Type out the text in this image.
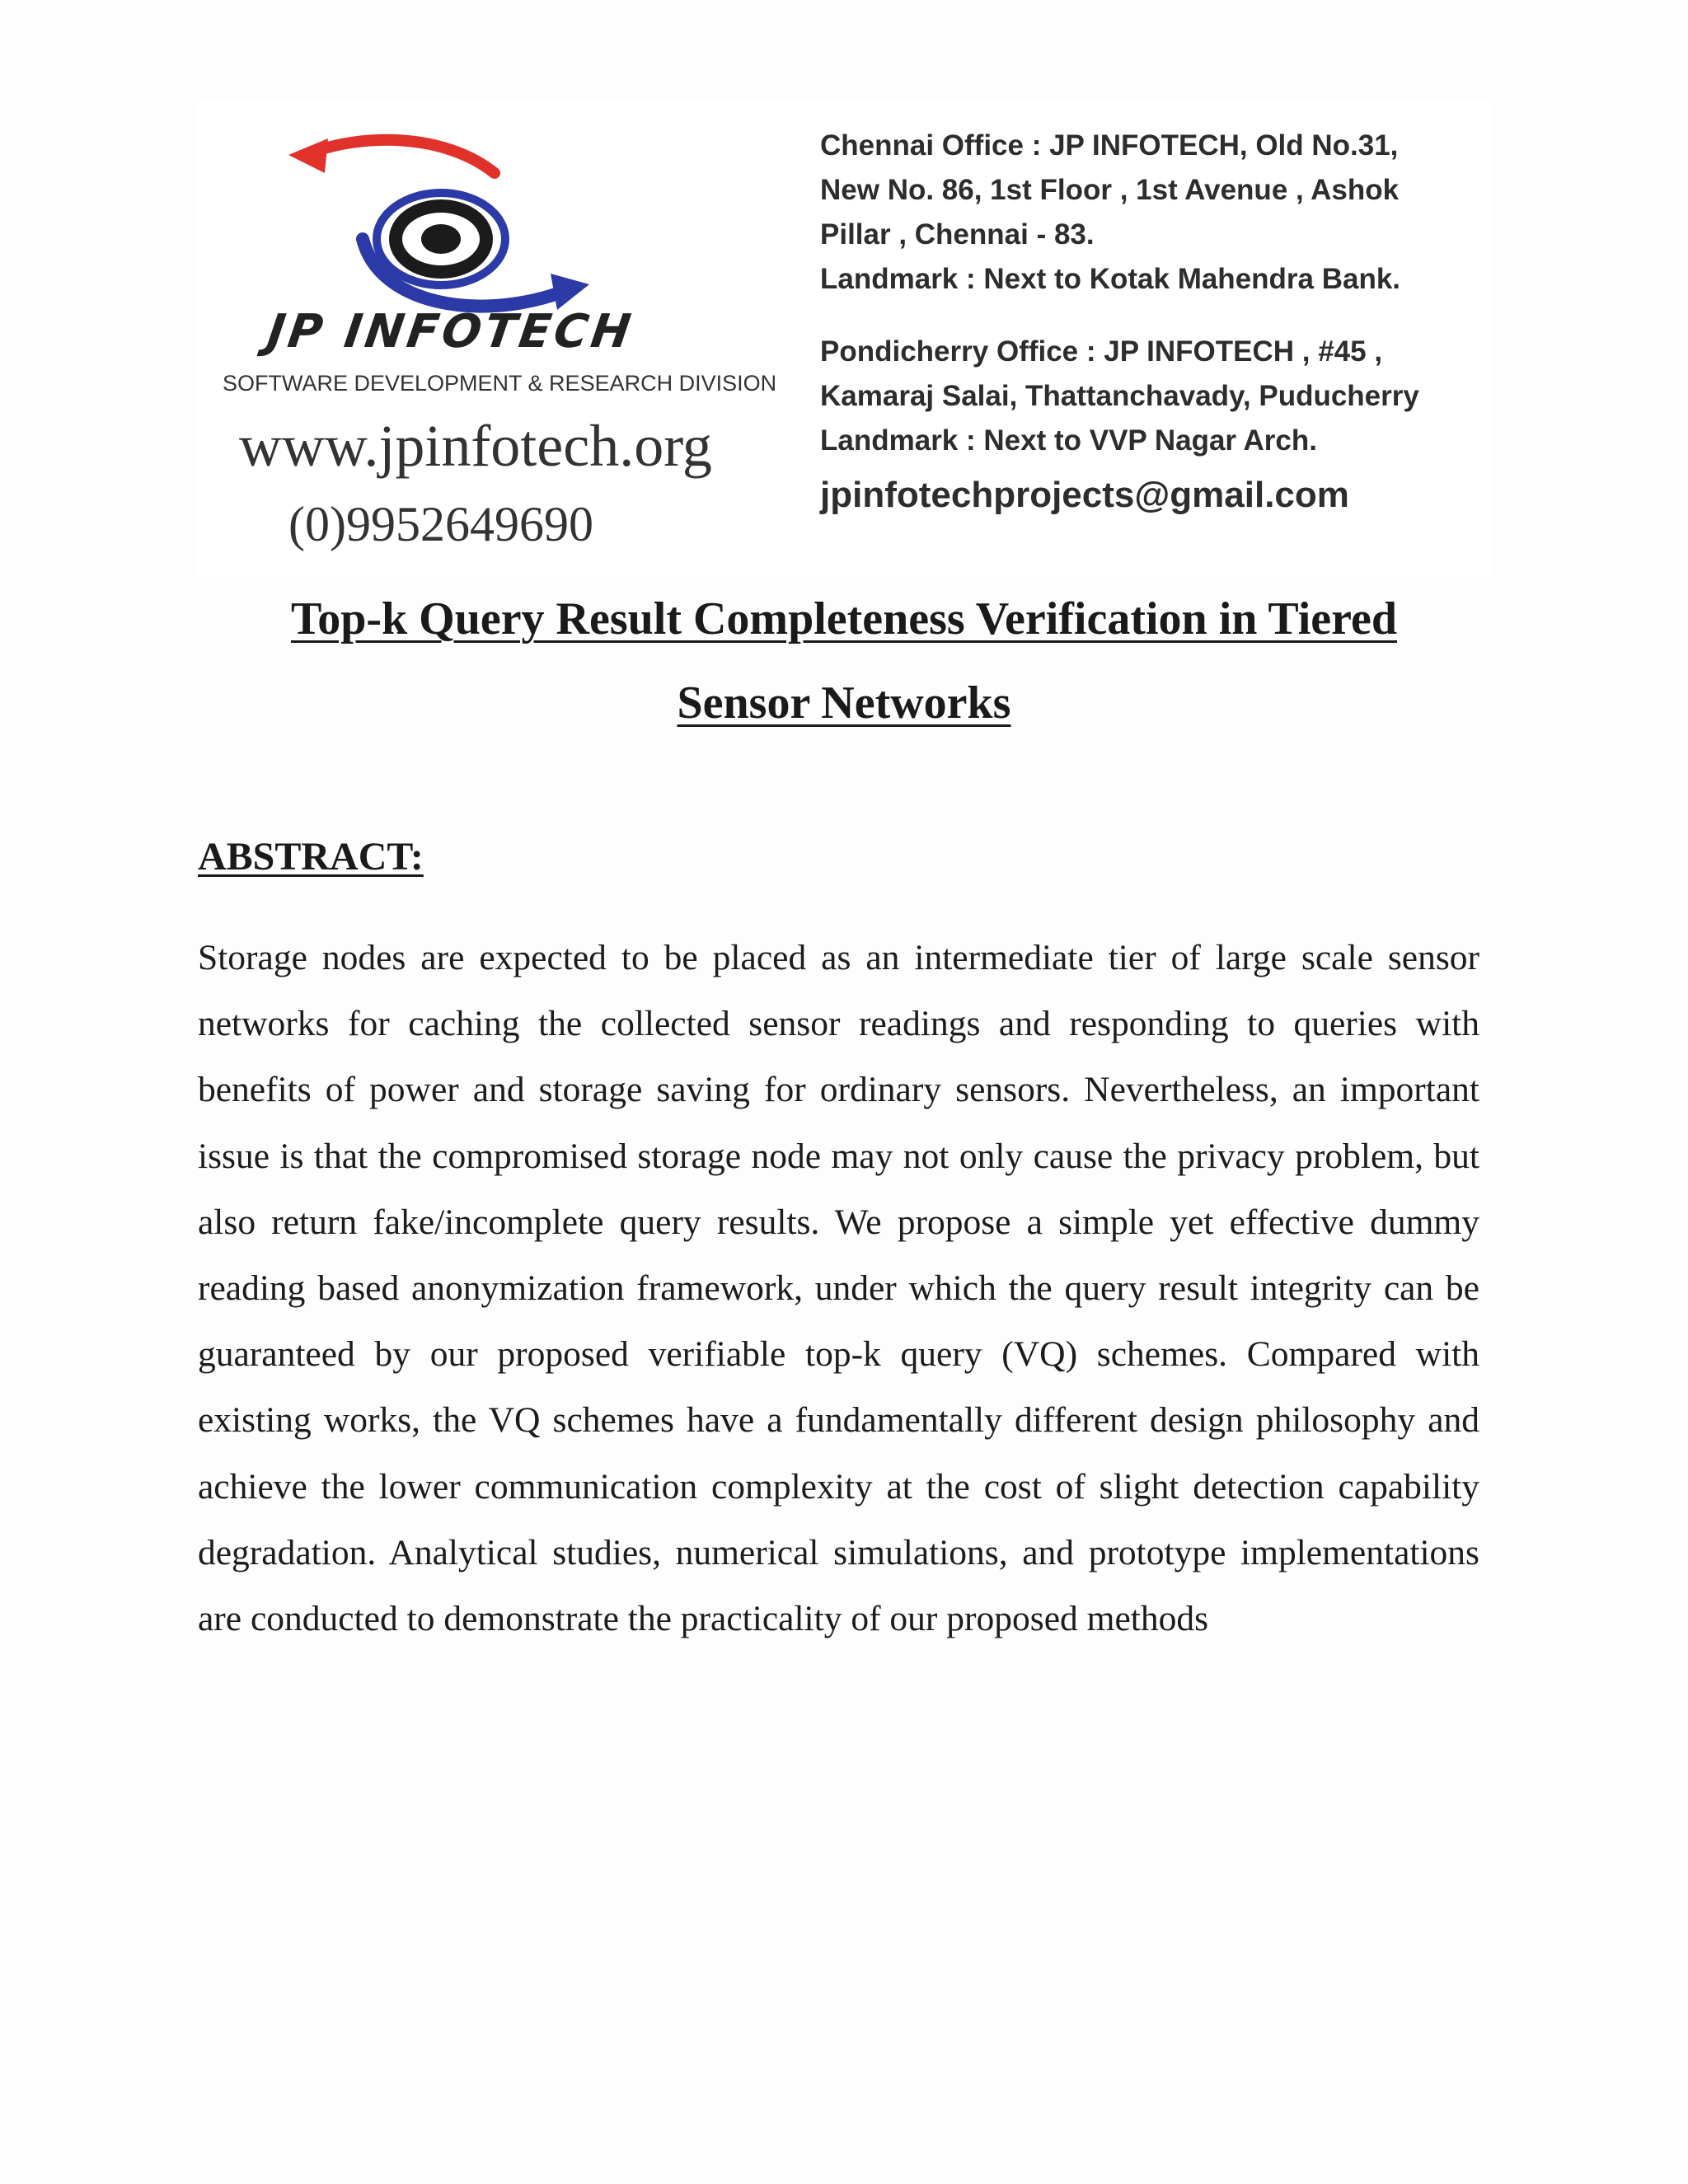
JP INFOTECH
SOFTWARE DEVELOPMENT & RESEARCH DIVISION
www.jpinfotech.org
(0)9952649690
Chennai Office : JP INFOTECH, Old No.31,
New No. 86, 1st Floor , 1st Avenue , Ashok
Pillar , Chennai - 83.
Landmark : Next to Kotak Mahendra Bank.
Pondicherry Office : JP INFOTECH , #45 ,
Kamaraj Salai, Thattanchavady, Puducherry
Landmark : Next to VVP Nagar Arch.
jpinfotechprojects@gmail.com
Top-k Query Result Completeness Verification in Tiered
Sensor Networks
ABSTRACT:
Storage nodes are expected to be placed as an intermediate tier of large scale sensor networks for caching the collected sensor readings and responding to queries with benefits of power and storage saving for ordinary sensors. Nevertheless, an important issue is that the compromised storage node may not only cause the privacy problem, but also return fake/incomplete query results. We propose a simple yet effective dummy reading based anonymization framework, under which the query result integrity can be guaranteed by our proposed verifiable top-k query (VQ) schemes. Compared with existing works, the VQ schemes have a fundamentally different design philosophy and achieve the lower communication complexity at the cost of slight detection capability degradation. Analytical studies, numerical simulations, and prototype implementations are conducted to demonstrate the practicality of our proposed methods
